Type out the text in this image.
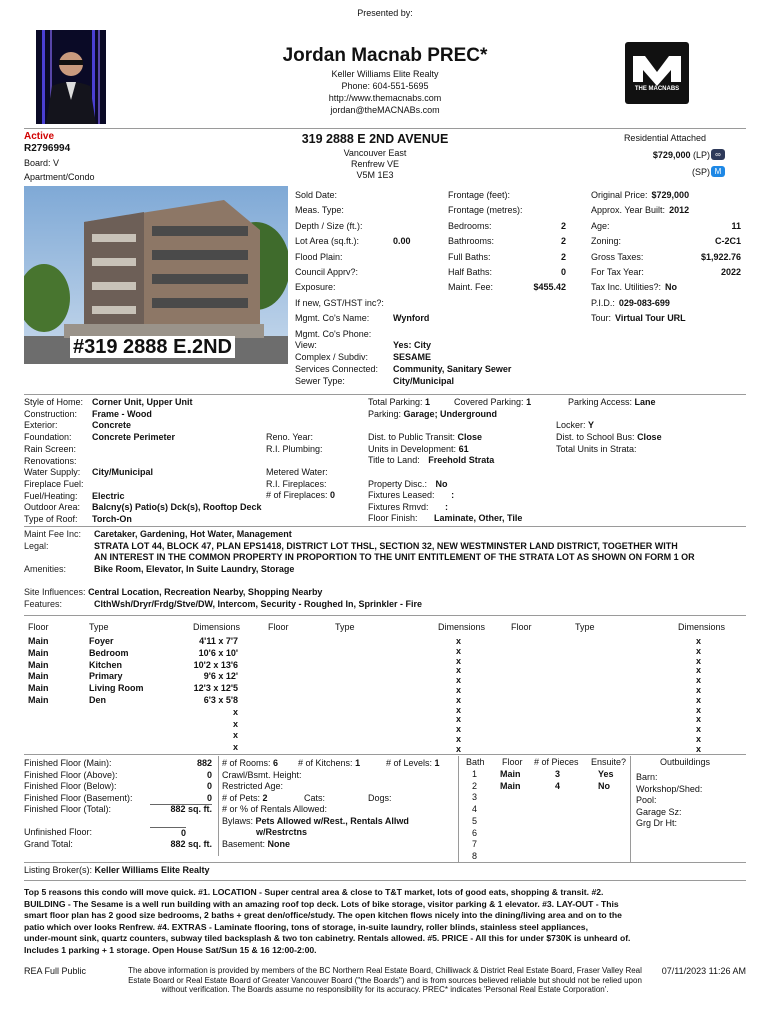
Presented by:
Jordan Macnab PREC*
Keller Williams Elite Realty
Phone: 604-551-5695
http://www.themacnabs.com
jordan@theMACNABs.com
THE MACNABS
Active
R2796994
Board: V
Apartment/Condo
319 2888 E 2ND AVENUE
Vancouver East
Renfrew VE
V5M 1E3
Residential Attached
$729,000 (LP) ∞
(SP) M
#319 2888 E.2ND
Sold Date:
Meas. Type:
Depth / Size (ft.):
Lot Area (sq.ft.):	0.00
Flood Plain:
Council Apprv?:
Exposure:
If new, GST/HST inc?:
Mgmt. Co's Name:	Wynford
Mgmt. Co's Phone:
Frontage (feet):
Frontage (metres):
Bedrooms:	2
Bathrooms:	2
Full Baths:	2
Half Baths:	0
Maint. Fee:	$455.42
Original Price: $729,000
Approx. Year Built: 2012
Age:	11
Zoning:	C-2C1
Gross Taxes:	$1,922.76
For Tax Year:	2022
Tax Inc. Utilities?: No
P.I.D.: 029-083-699
Tour: Virtual Tour URL
View:	Yes: City
Complex / Subdiv:	SESAME
Services Connected: Community, Sanitary Sewer
Sewer Type:	City/Municipal
Style of Home: Corner Unit, Upper Unit
Construction: Frame - Wood
Exterior:	Concrete
Foundation: Concrete Perimeter
Rain Screen:
Renovations:
Water Supply: City/Municipal
Fireplace Fuel:
Fuel/Heating: Electric
Outdoor Area: Balcny(s) Patio(s) Dck(s), Rooftop Deck
Type of Roof: Torch-On
Reno. Year:
R.I. Plumbing:
Metered Water:
R.I. Fireplaces:
# of Fireplaces: 0
Total Parking: 1	Covered Parking: 1	Parking Access: Lane
Parking: Garage; Underground
Locker: Y
Dist. to Public Transit: Close	Dist. to School Bus: Close
Units in Development: 61	Total Units in Strata:
Title to Land: Freehold Strata
Property Disc.: No
Fixtures Leased: :
Fixtures Rmvd: :
Floor Finish: Laminate, Other, Tile
Maint Fee Inc: Caretaker, Gardening, Hot Water, Management
Legal:	STRATA LOT 44, BLOCK 47, PLAN EPS1418, DISTRICT LOT THSL, SECTION 32, NEW WESTMINSTER LAND DISTRICT, TOGETHER WITH
AN INTEREST IN THE COMMON PROPERTY IN PROPORTION TO THE UNIT ENTITLEMENT OF THE STRATA LOT AS SHOWN ON FORM 1 OR
Amenities:	Bike Room, Elevator, In Suite Laundry, Storage
Site Influences: Central Location, Recreation Nearby, Shopping Nearby
Features:	ClthWsh/Dryr/Frdg/Stve/DW, Intercom, Security - Roughed In, Sprinkler - Fire
Floor	Type	Dimensions	Floor	Type	Dimensions	Floor	Type	Dimensions
Main	Foyer	4'11 x 7'7
Main	Bedroom	10'6 x 10'
Main	Kitchen	10'2 x 13'6
Main	Primary	9'6 x 12'
Main	Living Room	12'3 x 12'5
Main	Den	6'3 x 5'8
x
x
x
x
x
x
x
x
x
x
x
x
x
x
x
x
x
x
x
x
x
x
x
x
x
x
x
x
Finished Floor (Main):	882
Finished Floor (Above):	0
Finished Floor (Below):	0
Finished Floor (Basement):	0
Finished Floor (Total):	882 sq. ft.
Unfinished Floor:	0
Grand Total:	882 sq. ft.
# of Rooms: 6 # of Kitchens: 1	# of Levels: 1
Crawl/Bsmt. Height:
Restricted Age:
# of Pets: 2	Cats:	Dogs:
# or % of Rentals Allowed:
Bylaws: Pets Allowed w/Rest., Rentals Allwd
w/Restrctns
Basement: None
Bath Floor # of Pieces Ensuite?
1	Main	3	Yes
2	Main	4	No
3
4
5
6
7
8
Outbuildings
Barn:
Workshop/Shed:
Pool:
Garage Sz:
Grg Dr Ht:
Listing Broker(s): Keller Williams Elite Realty
Top 5 reasons this condo will move quick. #1. LOCATION - Super central area & close to T&T market, lots of good eats, shopping & transit. #2.
BUILDING - The Sesame is a well run building with an amazing roof top deck. Lots of bike storage, visitor parking & 1 elevator. #3. LAY-OUT - This
smart floor plan has 2 good size bedrooms, 2 baths + great den/office/study. The open kitchen flows nicely into the dining/living area and on to the
patio which over looks Renfrew. #4. EXTRAS - Laminate flooring, tons of storage, in-suite laundry, roller blinds, stainless steel appliances,
under-mount sink, quartz counters, subway tiled backsplash & two ton cabinetry. Rentals allowed. #5. PRICE - All this for under $730K is unheard of.
Includes 1 parking + 1 storage. Open House Sat/Sun 15 & 16 12:00-2:00.
REA Full Public	The above information is provided by members of the BC Northern Real Estate Board, Chilliwack & District Real Estate Board, Fraser Valley Real
Estate Board or Real Estate Board of Greater Vancouver Board ("the Boards") and is from sources believed reliable but should not be relied upon
without verification. The Boards assume no responsibility for its accuracy. PREC* indicates 'Personal Real Estate Corporation'.
07/11/2023 11:26 AM
